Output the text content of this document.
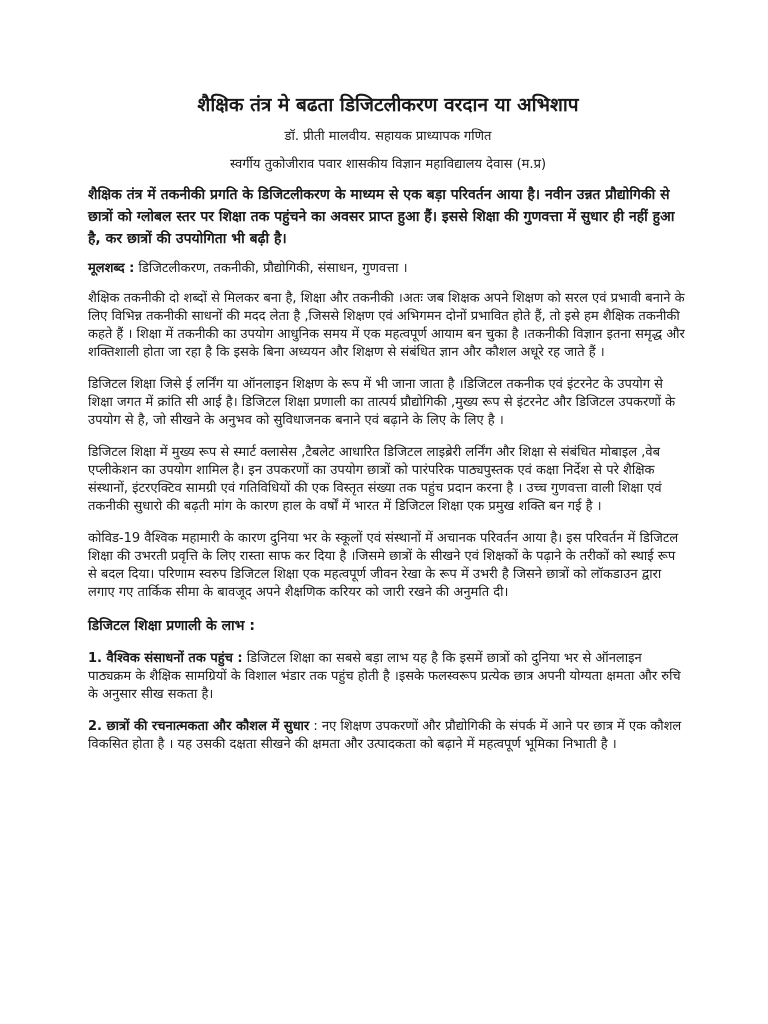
शैक्षिक तंत्र मे बढता डिजिटलीकरण वरदान या अभिशाप
डॉ. प्रीती मालवीय. सहायक प्राध्यापक गणित
स्वर्गीय तुकोजीराव पवार शासकीय विज्ञान महाविद्यालय देवास (म.प्र)
शैक्षिक तंत्र में तकनीकी प्रगति के डिजिटलीकरण के माध्यम से एक बड़ा परिवर्तन आया है। नवीन उन्नत प्रौद्योगिकी से छात्रों को ग्लोबल स्तर पर शिक्षा तक पहुंचने का अवसर प्राप्त हुआ हैं। इससे शिक्षा की गुणवत्ता में सुधार ही नहीं हुआ है, कर छात्रों की उपयोगिता भी बढ़ी है।
मूलशब्द : डिजिटलीकरण, तकनीकी, प्रौद्योगिकी, संसाधन, गुणवत्ता ।
शैक्षिक तकनीकी दो शब्दों से मिलकर बना है, शिक्षा और तकनीकी ।अतः जब शिक्षक अपने शिक्षण को सरल एवं प्रभावी बनाने के लिए विभिन्न तकनीकी साधनों की मदद लेता है ,जिससे शिक्षण एवं अभिगमन दोनों प्रभावित होते हैं, तो इसे हम शैक्षिक तकनीकी कहते हैं । शिक्षा में तकनीकी का उपयोग आधुनिक समय में एक महत्वपूर्ण आयाम बन चुका है ।तकनीकी विज्ञान इतना समृद्ध और शक्तिशाली होता जा रहा है कि इसके बिना अध्ययन और शिक्षण से संबंधित ज्ञान और कौशल अधूरे रह जाते हैं ।
डिजिटल शिक्षा जिसे ई लर्निंग या ऑनलाइन शिक्षण के रूप में भी जाना जाता है ।डिजिटल तकनीक एवं इंटरनेट के उपयोग से शिक्षा जगत में क्रांति सी आई है। डिजिटल शिक्षा प्रणाली का तात्पर्य प्रौद्योगिकी ,मुख्य रूप से इंटरनेट और डिजिटल उपकरणों के उपयोग से है, जो सीखने के अनुभव को सुविधाजनक बनाने एवं बढ़ाने के लिए के लिए है ।
डिजिटल शिक्षा में मुख्य रूप से स्मार्ट क्लासेस ,टैबलेट आधारित डिजिटल लाइब्रेरी लर्निंग और शिक्षा से संबंधित मोबाइल ,वेब एप्लीकेशन का उपयोग शामिल है। इन उपकरणों का उपयोग छात्रों को पारंपरिक पाठ्यपुस्तक एवं कक्षा निर्देश से परे शैक्षिक संस्थानों, इंटरएक्टिव सामग्री एवं गतिविधियों की एक विस्तृत संख्या तक पहुंच प्रदान करना है । उच्च गुणवत्ता वाली शिक्षा एवं तकनीकी सुधारो की बढ़ती मांग के कारण हाल के वर्षों में भारत में डिजिटल शिक्षा एक प्रमुख शक्ति बन गई है ।
कोविड-19 वैश्विक महामारी के कारण दुनिया भर के स्कूलों एवं संस्थानों में अचानक परिवर्तन आया है। इस परिवर्तन में डिजिटल शिक्षा की उभरती प्रवृत्ति के लिए रास्ता साफ कर दिया है ।जिसमे छात्रों के सीखने एवं शिक्षकों के पढ़ाने के तरीकों को स्थाई रूप से बदल दिया। परिणाम स्वरुप डिजिटल शिक्षा एक महत्वपूर्ण जीवन रेखा के रूप में उभरी है जिसने छात्रों को लॉकडाउन द्वारा लगाए गए तार्किक सीमा के बावजूद अपने शैक्षणिक करियर को जारी रखने की अनुमति दी।
डिजिटल शिक्षा प्रणाली के लाभ :
1. वैश्विक संसाधनों तक पहुंच : डिजिटल शिक्षा का सबसे बड़ा लाभ यह है कि इसमें छात्रों को दुनिया भर से ऑनलाइन पाठ्यक्रम के शैक्षिक सामग्रियों के विशाल भंडार तक पहुंच होती है ।इसके फलस्वरूप प्रत्येक छात्र अपनी योग्यता क्षमता और रुचि के अनुसार सीख सकता है।
2. छात्रों की रचनात्मकता और कौशल में सुधार : नए शिक्षण उपकरणों और प्रौद्योगिकी के संपर्क में आने पर छात्र में एक कौशल विकसित होता है । यह उसकी दक्षता सीखने की क्षमता और उत्पादकता को बढ़ाने में महत्वपूर्ण भूमिका निभाती है ।
